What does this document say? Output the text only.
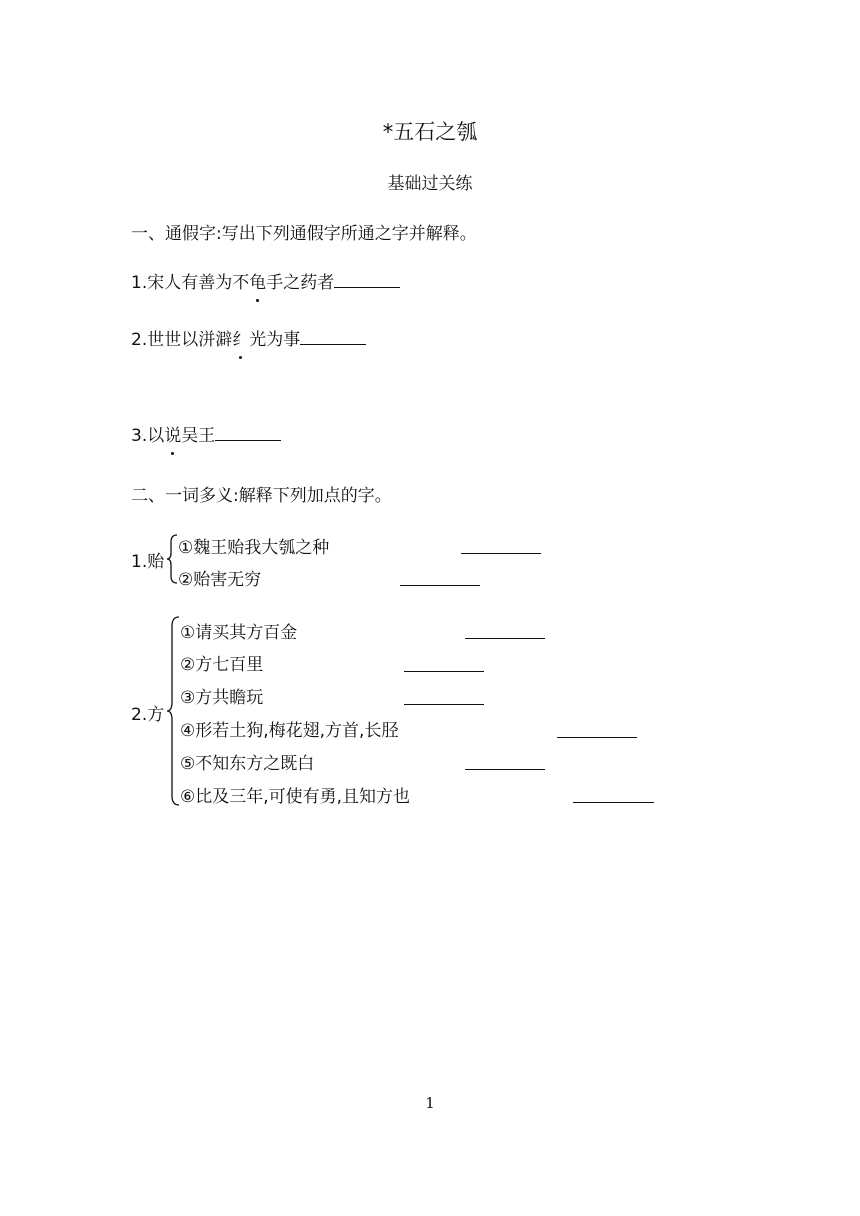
*五石之瓠
基础过关练
一、通假字:写出下列通假字所通之字并解释。
1.宋人有善为不龟手之药者
2.世世以洴澼纟光为事
3.以说吴王
二、一词多义:解释下列加点的字。
1.贻
①魏王贻我大瓠之种
②贻害无穷
2.方
①请买其方百金
②方七百里
③方共瞻玩
④形若土狗,梅花翅,方首,长胫
⑤不知东方之既白
⑥比及三年,可使有勇,且知方也
1
